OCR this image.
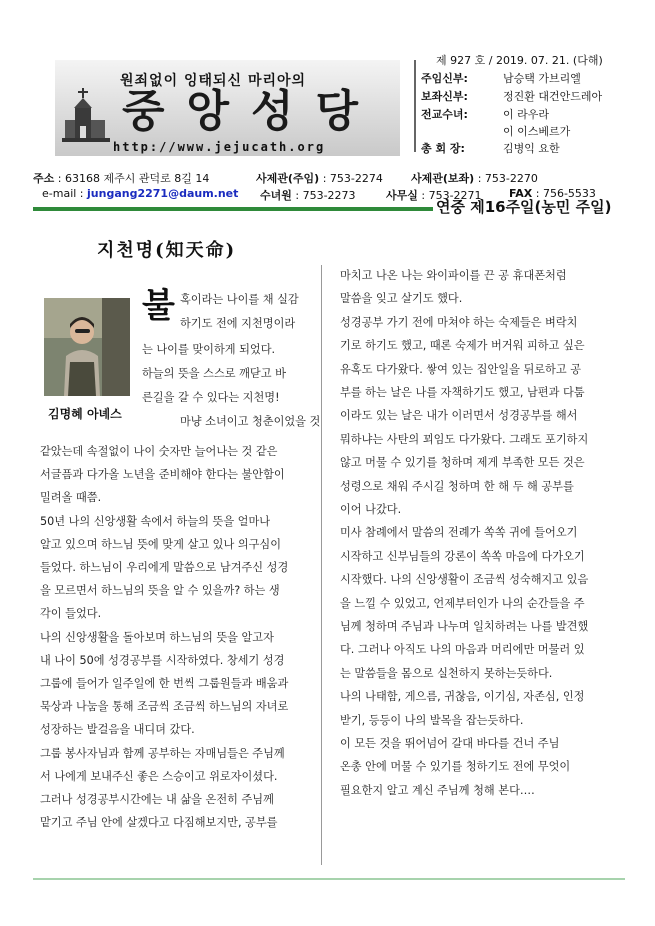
원죄없이 잉태되신 마리아의
중앙성당
http://www.jejucath.org
제 927 호 / 2019. 07. 21. (다해)
주임신부:	남승택 가브리엘
보좌신부:	정진환 대건안드레아
전교수녀:	이 라우라
이 이스베르가
총 회 장:	김병익 요한
주소 : 63168 제주시 관덕로 8길 14	사제관(주임) : 753-2274	사제관(보좌) : 753-2270
e-mail : jungang2271@daum.net 수녀원 : 753-2273	사무실 : 753-2271 FAX : 756-5533
연중 제16주일(농민 주일)
지천명(知天命)
김명혜 아녜스
불 혹이라는 나이를 채 실감
하기도 전에 지천명이라
는 나이를 맞이하게 되었다.
하늘의 뜻을 스스로 깨닫고 바
른길을 갈 수 있다는 지천명!
마냥 소녀이고 청춘이었을 것
같았는데 속절없이 나이 숫자만 늘어나는 것 같은
서글픔과 다가올 노년을 준비해야 한다는 불안함이
밀려올 때쯤.
50년 나의 신앙생활 속에서 하늘의 뜻을 얼마나
알고 있으며 하느님 뜻에 맞게 살고 있나 의구심이
들었다. 하느님이 우리에게 말씀으로 남겨주신 성경
을 모르면서 하느님의 뜻을 알 수 있을까? 하는 생
각이 들었다.
나의 신앙생활을 돌아보며 하느님의 뜻을 알고자
내 나이 50에 성경공부를 시작하였다. 창세기 성경
그룹에 들어가 일주일에 한 번씩 그룹원들과 배움과
묵상과 나눔을 통해 조금씩 조금씩 하느님의 자녀로
성장하는 발걸음을 내디뎌 갔다.
그룹 봉사자님과 함께 공부하는 자매님들은 주님께
서 나에게 보내주신 좋은 스승이고 위로자이셨다.
그러나 성경공부시간에는 내 삶을 온전히 주님께
맡기고 주님 안에 살겠다고 다짐해보지만, 공부를
마치고 나온 나는 와이파이를 끈 공 휴대폰처럼
말씀을 잊고 살기도 했다.
성경공부 가기 전에 마쳐야 하는 숙제들은 벼락치
기로 하기도 했고, 때론 숙제가 버거워 피하고 싶은
유혹도 다가왔다. 쌓여 있는 집안일을 뒤로하고 공
부를 하는 날은 나를 자책하기도 했고, 남편과 다툼
이라도 있는 날은 내가 이러면서 성경공부를 해서
뭐하냐는 사탄의 꾀임도 다가왔다. 그래도 포기하지
않고 머물 수 있기를 청하며 제게 부족한 모든 것은
성령으로 채워 주시길 청하며 한 해 두 해 공부를
이어 나갔다.
미사 참례에서 말씀의 전례가 쏙쏙 귀에 들어오기
시작하고 신부님들의 강론이 쏙쏙 마음에 다가오기
시작했다. 나의 신앙생활이 조금씩 성숙해지고 있음
을 느낄 수 있었고, 언제부터인가 나의 순간들을 주
님께 청하며 주님과 나누며 일치하려는 나를 발견했
다. 그러나 아직도 나의 마음과 머리에만 머물러 있
는 말씀들을 몸으로 실천하지 못하는듯하다.
나의 나태함, 게으름, 귀찮음, 이기심, 자존심, 인정
받기, 등등이 나의 발목을 잡는듯하다.
이 모든 것을 뛰어넘어 갈대 바다를 건너 주님
온총 안에 머물 수 있기를 청하기도 전에 무엇이
필요한지 알고 계신 주님께 청해 본다….
